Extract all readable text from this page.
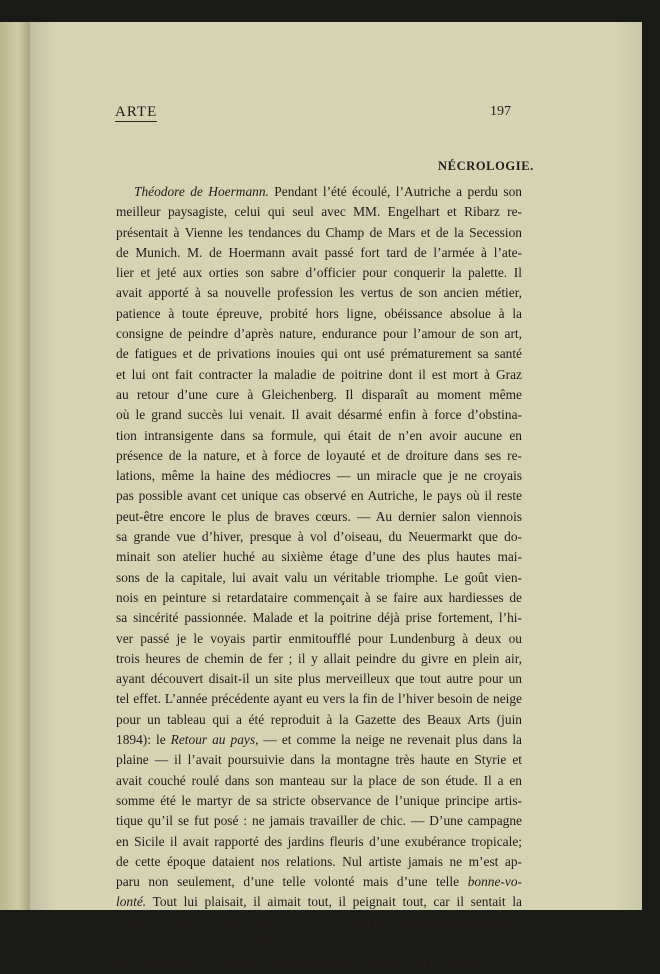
ARTE	197
NÉCROLOGIE.
Théodore de Hoermann. Pendant l’été écoulé, l’Autriche a perdu son
meilleur paysagiste, celui qui seul avec MM. Engelhart et Ribarz re-
présentait à Vienne les tendances du Champ de Mars et de la Secession
de Munich. M. de Hoermann avait passé fort tard de l’armée à l’ate-
lier et jeté aux orties son sabre d’officier pour conquerir la palette. Il
avait apporté à sa nouvelle profession les vertus de son ancien métier,
patience à toute épreuve, probité hors ligne, obéissance absolue à la
consigne de peindre d’après nature, endurance pour l’amour de son art,
de fatigues et de privations inouies qui ont usé prématurement sa santé
et lui ont fait contracter la maladie de poitrine dont il est mort à Graz
au retour d’une cure à Gleichenberg. Il disparaît au moment même
où le grand succès lui venait. Il avait désarmé enfin à force d’obstina-
tion intransigente dans sa formule, qui était de n’en avoir aucune en
présence de la nature, et à force de loyauté et de droiture dans ses re-
lations, même la haine des médiocres — un miracle que je ne croyais
pas possible avant cet unique cas observé en Autriche, le pays où il reste
peut-être encore le plus de braves cœurs. — Au dernier salon viennois
sa grande vue d’hiver, presque à vol d’oiseau, du Neuermarkt que do-
minait son atelier huché au sixième étage d’une des plus hautes mai-
sons de la capitale, lui avait valu un véritable triomphe. Le goût vien-
nois en peinture si retardataire commençait à se faire aux hardiesses de
sa sincérité passionnée. Malade et la poitrine déjà prise fortement, l’hi-
ver passé je le voyais partir enmitoufflé pour Lundenburg à deux ou
trois heures de chemin de fer ; il y allait peindre du givre en plein air,
ayant découvert disait-il un site plus merveilleux que tout autre pour un
tel effet. L’année précédente ayant eu vers la fin de l’hiver besoin de neige
pour un tableau qui a été reproduit à la Gazette des Beaux Arts (juin
1894): le Retour au pays, — et comme la neige ne revenait plus dans la
plaine — il l’avait poursuivie dans la montagne très haute en Styrie et
avait couché roulé dans son manteau sur la place de son étude. Il a en
somme été le martyr de sa stricte observance de l’unique principe artis-
tique qu’il se fut posé : ne jamais travailler de chic. — D’une campagne
en Sicile il avait rapporté des jardins fleuris d’une exubérance tropicale;
de cette époque dataient nos relations. Nul artiste jamais ne m’est ap-
paru non seulement, d’une telle volonté mais d’une telle bonne-vo-
lonté. Tout lui plaisait, il aimait tout, il peignait tout, car il sentait la
beauté de tout et découvrait en tout la beauté spécialement picturaire.
On a de lui des rues de Paris, des rues de Vienne, des places de Venise,
des panoramas de Sicile, des masures de Moravie, des vergers et des
